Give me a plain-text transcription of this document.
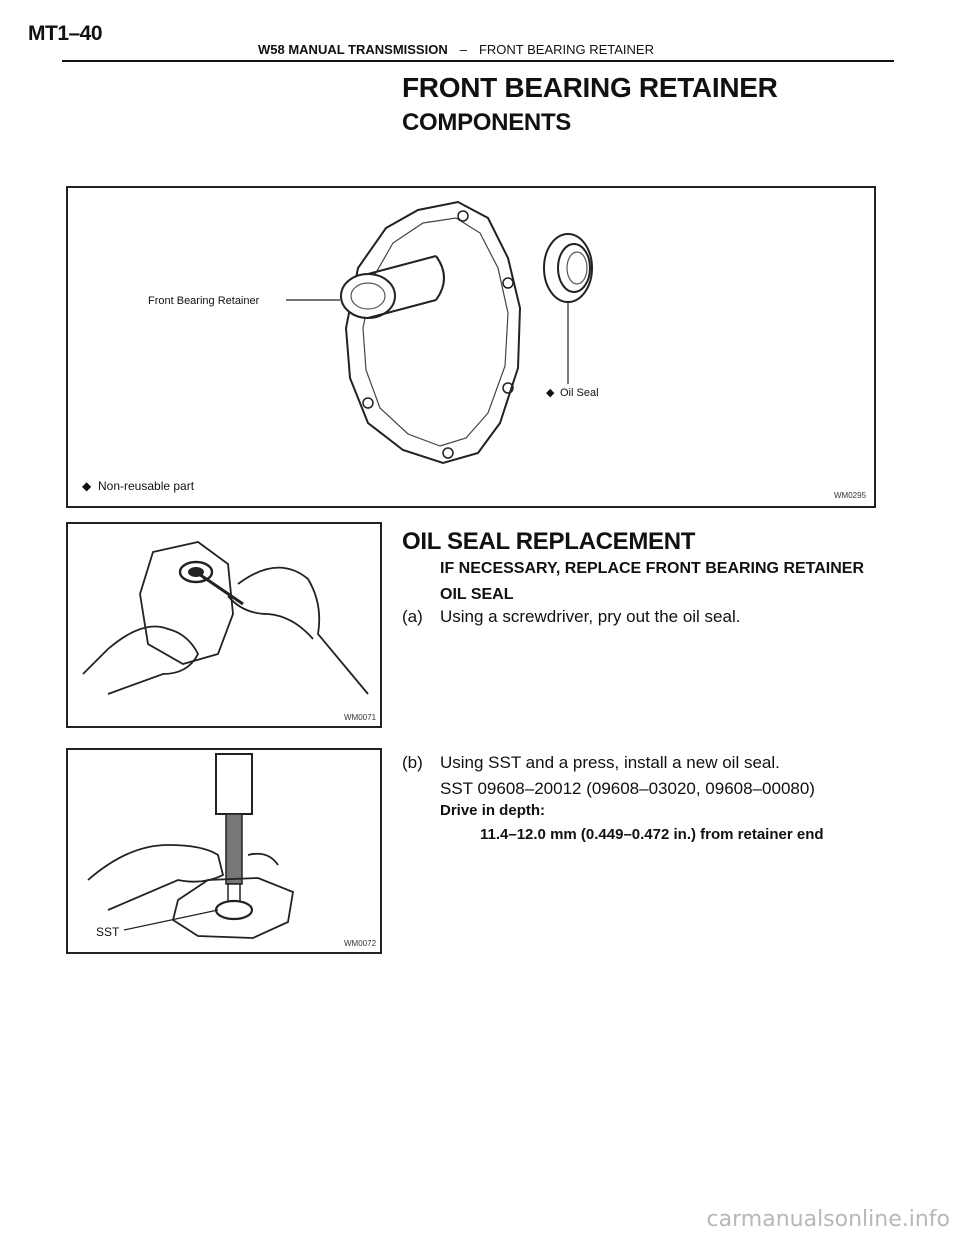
MT1–40
W58 MANUAL TRANSMISSION – FRONT BEARING RETAINER
FRONT BEARING RETAINER
COMPONENTS
Front Bearing Retainer
◆ Oil Seal
◆ Non-reusable part
WM0295
OIL SEAL REPLACEMENT
IF NECESSARY, REPLACE FRONT BEARING RETAINER
OIL SEAL
(a) Using a screwdriver, pry out the oil seal.
WM0071
(b) Using SST and a press, install a new oil seal.
SST 09608–20012 (09608–03020, 09608–00080)
Drive in depth:
11.4–12.0 mm (0.449–0.472 in.) from retainer end
SST
WM0072
carmanualsonline.info
